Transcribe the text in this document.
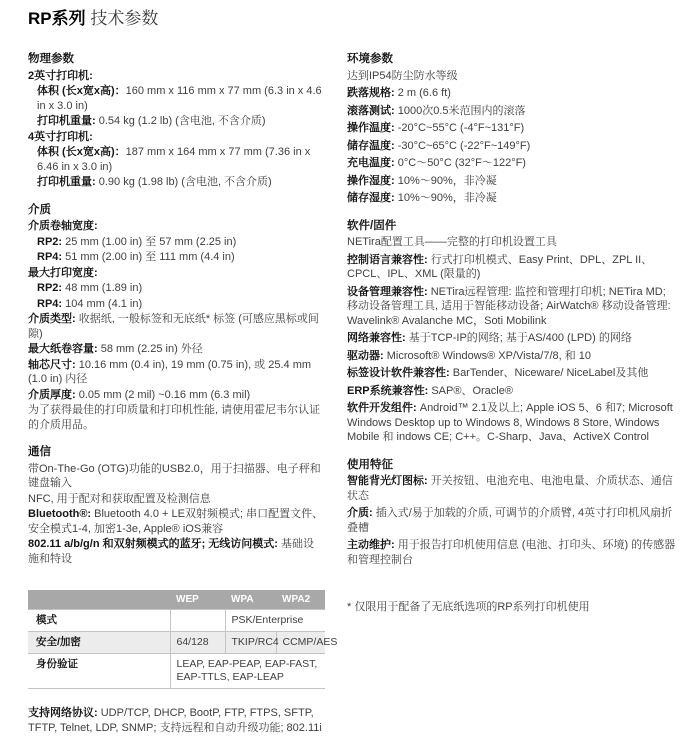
RP系列 技术参数
物理参数
2英寸打印机:
体积 (长x宽x高)：160 mm x 116 mm x 77 mm (6.3 in x 4.6 in x 3.0 in)
打印机重量: 0.54 kg (1.2 lb) (含电池, 不含介质)
4英寸打印机:
体积 (长x宽x高)：187 mm x 164 mm x 77 mm (7.36 in x 6.46 in x 3.0 in)
打印机重量: 0.90 kg (1.98 lb) (含电池, 不含介质)
介质
介质卷轴宽度:
RP2: 25 mm (1.00 in) 至 57 mm (2.25 in)
RP4: 51 mm (2.00 in) 至 111 mm (4.4 in)
最大打印宽度:
RP2: 48 mm (1.89 in)
RP4: 104 mm (4.1 in)
介质类型: 收据纸, 一般标签和无底纸* 标签 (可感应黑标或间隙)
最大纸卷容量: 58 mm (2.25 in) 外径
轴芯尺寸: 10.16 mm (0.4 in), 19 mm (0.75 in), 或 25.4 mm (1.0 in) 内径
介质厚度: 0.05 mm (2 mil) ~0.16 mm (6.3 mil)
为了获得最佳的打印质量和打印机性能, 请使用霍尼韦尔认证的介质用品。
通信
带On-The-Go (OTG)功能的USB2.0，用于扫描器、电子秤和键盘输入
NFC, 用于配对和获取配置及检测信息
Bluetooth®: Bluetooth 4.0 + LE双射频模式; 串口配置文件、安全模式1-4, 加密1-3e, Apple® iOS兼容
802.11 a/b/g/n 和双射频模式的蓝牙; 无线访问模式: 基础设施和特设
	WEP	WPA	WPA2
模式		PSK/Enterprise	
安全/加密	64/128	TKIP/RC4	CCMP/AES
身份验证	LEAP, EAP-PEAP, EAP-FAST, EAP-TTLS, EAP-LEAP		
支持网络协议: UDP/TCP, DHCP, BootP, FTP, FTPS, SFTP, TFTP, Telnet, LDP, SNMP; 支持远程和自动升级功能; 802.11i
环境参数
达到IP54防尘防水等级
跌落规格: 2 m (6.6 ft)
滚落测试: 1000次0.5米范围内的滚落
操作温度: -20°C~55°C (-4°F~131°F)
储存温度: -30°C~65°C (-22°F~149°F)
充电温度: 0°C～50°C (32°F～122°F)
操作湿度: 10%～90%，非冷凝
储存湿度: 10%～90%，非冷凝
软件/固件
NETira配置工具——完整的打印机设置工具
控制语言兼容性: 行式打印机模式、Easy Print、DPL、ZPL II、CPCL、IPL、XML (限量的)
设备管理兼容性: NETira远程管理: 监控和管理打印机; NETira MD; 移动设备管理工具, 适用于智能移动设备; AirWatch® 移动设备管理: Wavelink® Avalanche MC，Soti Mobilink
网络兼容性: 基于TCP-IP的网络; 基于AS/400 (LPD) 的网络
驱动器: Microsoft® Windows® XP/Vista/7/8, 和 10
标签设计软件兼容性: BarTender、Niceware/ NiceLabel及其他
ERP系统兼容性: SAP®、Oracle®
软件开发组件: Android™ 2.1及以上; Apple iOS 5、6 和7; Microsoft Windows Desktop up to Windows 8, Windows 8 Store, Windows Mobile 和 indows CE; C++。C-Sharp、Java、ActiveX Control
使用特征
智能背光灯图标: 开关按钮、电池充电、电池电量、介质状态、通信状态
介质: 插入式/易于加载的介质, 可调节的介质臂, 4英寸打印机风扇折叠槽
主动维护: 用于报告打印机使用信息 (电池、打印头、环境) 的传感器和管理控制台
* 仅限用于配备了无底纸选项的RP系列打印机使用
